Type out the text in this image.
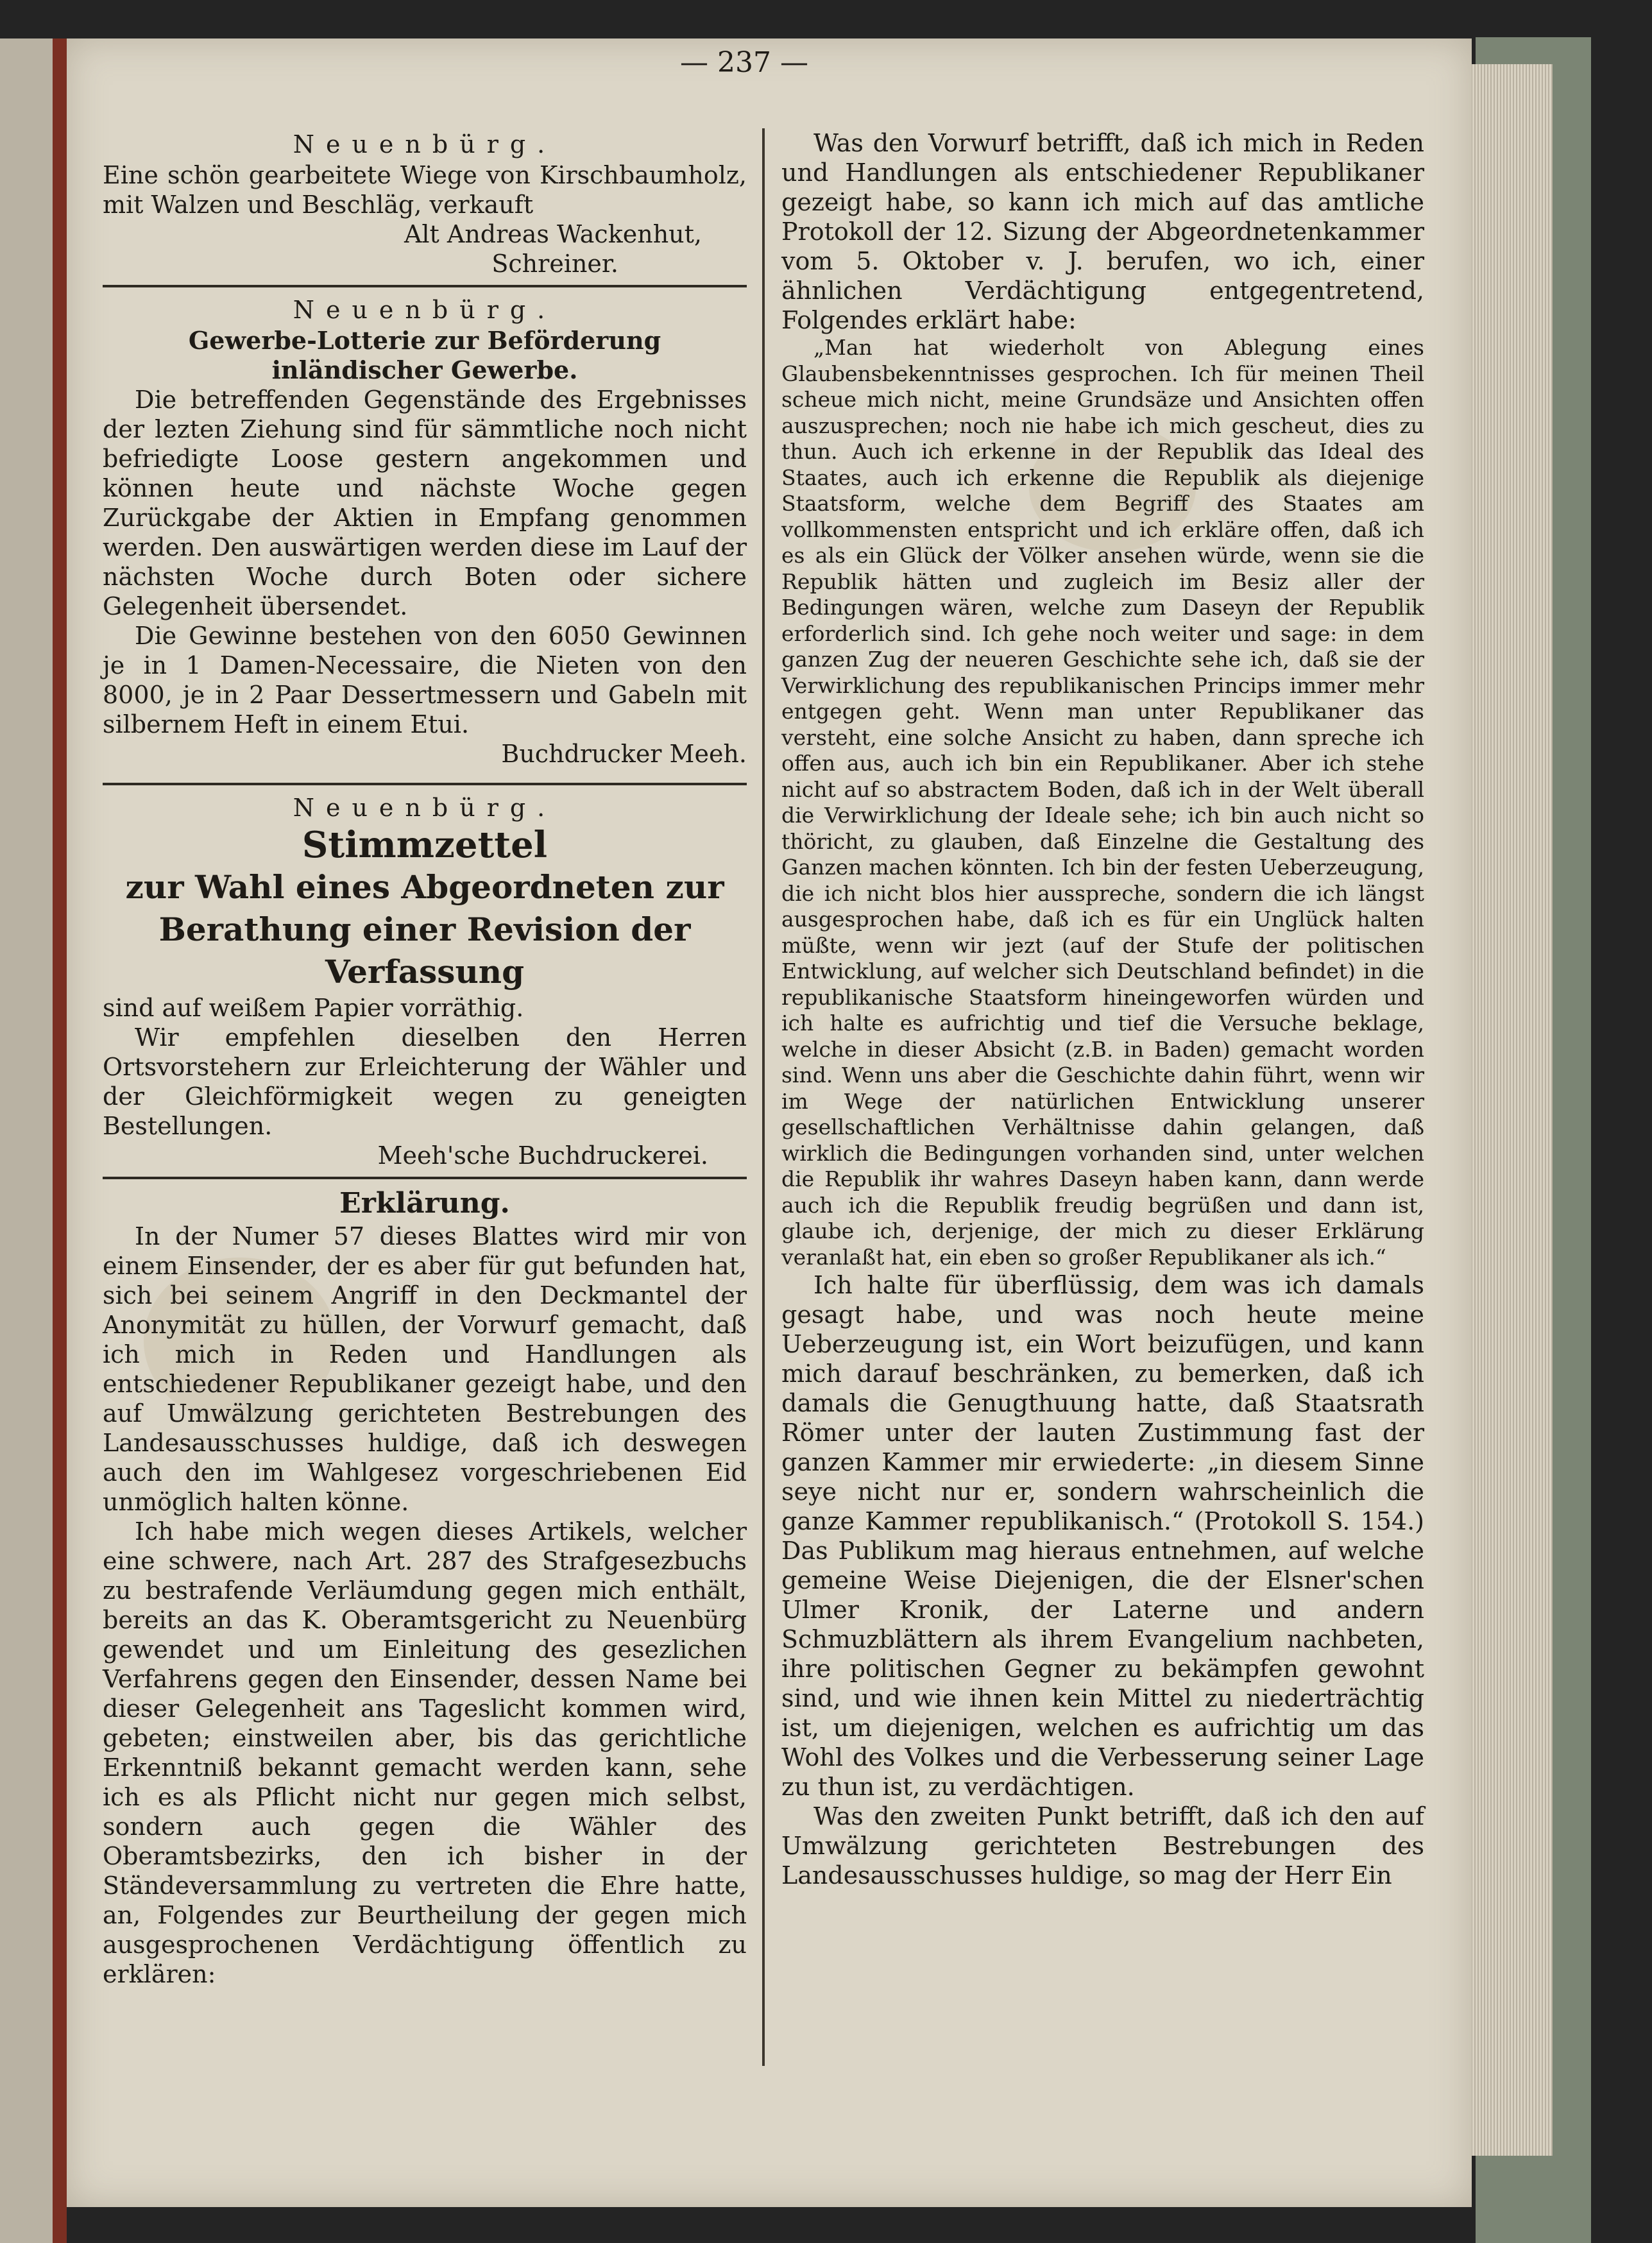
— 237 —
Neuenbürg.

Eine schön gearbeitete Wiege von Kirschbaumholz, mit Walzen und Beschläg, verkauft

Alt Andreas Wackenhut,
Schreiner.
Neuenbürg.

Gewerbe-Lotterie zur Beförderung inländischer Gewerbe.

Die betreffenden Gegenstände des Ergebnisses der lezten Ziehung sind für sämmtliche noch nicht befriedigte Loose gestern angekommen und können heute und nächste Woche gegen Zurückgabe der Aktien in Empfang genommen werden. Den auswärtigen werden diese im Lauf der nächsten Woche durch Boten oder sichere Gelegenheit übersendet.

Die Gewinne bestehen von den 6050 Gewinnen je in 1 Damen-Necessaire, die Nieten von den 8000, je in 2 Paar Dessertmessern und Gabeln mit silbernem Heft in einem Etui.

Buchdrucker Meeh.
Neuenbürg.
Stimmzettel
zur Wahl eines Abgeordneten zur
Berathung einer Revision der
Verfassung

sind auf weißem Papier vorräthig.

Wir empfehlen dieselben den Herren Ortsvorstehern zur Erleichterung der Wähler und der Gleichförmigkeit wegen zu geneigten Bestellungen.

Meeh'sche Buchdruckerei.
Erklärung.

In der Numer 57 dieses Blattes wird mir von einem Einsender, der es aber für gut befunden hat, sich bei seinem Angriff in den Deckmantel der Anonymität zu hüllen, der Vorwurf gemacht, daß ich mich in Reden und Handlungen als entschiedener Republikaner gezeigt habe, und den auf Umwälzung gerichteten Bestrebungen des Landesausschusses huldige, daß ich deswegen auch den im Wahlgesez vorgeschriebenen Eid unmöglich halten könne.

Ich habe mich wegen dieses Artikels, welcher eine schwere, nach Art. 287 des Strafgesezbuchs zu bestrafende Verläumdung gegen mich enthält, bereits an das K. Oberamtsgericht zu Neuenbürg gewendet und um Einleitung des gesezlichen Verfahrens gegen den Einsender, dessen Name bei dieser Gelegenheit ans Tageslicht kommen wird, gebeten; einstweilen aber, bis das gerichtliche Erkenntniß bekannt gemacht werden kann, sehe ich es als Pflicht nicht nur gegen mich selbst, sondern auch gegen die Wähler des Oberamtsbezirks, den ich bisher in der Ständeversammlung zu vertreten die Ehre hatte, an, Folgendes zur Beurtheilung der gegen mich ausgesprochenen Verdächtigung öffentlich zu erklären:

Was den Vorwurf betrifft, daß ich mich in Reden und Handlungen als entschiedener Republikaner gezeigt habe, so kann ich mich auf das amtliche Protokoll der 12. Sizung der Abgeordnetenkammer vom 5. Oktober v. J. berufen, wo ich, einer ähnlichen Verdächtigung entgegentretend, Folgendes erklärt habe:

„Man hat wiederholt von Ablegung eines Glaubensbekenntnisses gesprochen. Ich für meinen Theil scheue mich nicht, meine Grundsäze und Ansichten offen auszusprechen; noch nie habe ich mich gescheut, dies zu thun. Auch ich erkenne in der Republik das Ideal des Staates, auch ich erkenne die Republik als diejenige Staatsform, welche dem Begriff des Staates am vollkommensten entspricht und ich erkläre offen, daß ich es als ein Glück der Völker ansehen würde, wenn sie die Republik hätten und zugleich im Besiz aller der Bedingungen wären, welche zum Daseyn der Republik erforderlich sind. Ich gehe noch weiter und sage: in dem ganzen Zug der neueren Geschichte sehe ich, daß sie der Verwirklichung des republikanischen Princips immer mehr entgegen geht. Wenn man unter Republikaner das versteht, eine solche Ansicht zu haben, dann spreche ich offen aus, auch ich bin ein Republikaner. Aber ich stehe nicht auf so abstractem Boden, daß ich in der Welt überall die Verwirklichung der Ideale sehe; ich bin auch nicht so thöricht, zu glauben, daß Einzelne die Gestaltung des Ganzen machen könnten. Ich bin der festen Ueberzeugung, die ich nicht blos hier ausspreche, sondern die ich längst ausgesprochen habe, daß ich es für ein Unglück halten müßte, wenn wir jezt (auf der Stufe der politischen Entwicklung, auf welcher sich Deutschland befindet) in die republikanische Staatsform hineingeworfen würden und ich halte es aufrichtig und tief die Versuche beklage, welche in dieser Absicht (z.B. in Baden) gemacht worden sind. Wenn uns aber die Geschichte dahin führt, wenn wir im Wege der natürlichen Entwicklung unserer gesellschaftlichen Verhältnisse dahin gelangen, daß wirklich die Bedingungen vorhanden sind, unter welchen die Republik ihr wahres Daseyn haben kann, dann werde auch ich die Republik freudig begrüßen und dann ist, glaube ich, derjenige, der mich zu dieser Erklärung veranlaßt hat, ein eben so großer Republikaner als ich.“

Ich halte für überflüssig, dem was ich damals gesagt habe, und was noch heute meine Ueberzeugung ist, ein Wort beizufügen, und kann mich darauf beschränken, zu bemerken, daß ich damals die Genugthuung hatte, daß Staatsrath Römer unter der lauten Zustimmung fast der ganzen Kammer mir erwiederte: „in diesem Sinne seye nicht nur er, sondern wahrscheinlich die ganze Kammer republikanisch.“ (Protokoll S. 154.) Das Publikum mag hieraus entnehmen, auf welche gemeine Weise Diejenigen, die der Elsner'schen Ulmer Kronik, der Laterne und andern Schmuzblättern als ihrem Evangelium nachbeten, ihre politischen Gegner zu bekämpfen gewohnt sind, und wie ihnen kein Mittel zu niederträchtig ist, um diejenigen, welchen es aufrichtig um das Wohl des Volkes und die Verbesserung seiner Lage zu thun ist, zu verdächtigen.

Was den zweiten Punkt betrifft, daß ich den auf Umwälzung gerichteten Bestrebungen des Landesausschusses huldige, so mag der Herr Ein
